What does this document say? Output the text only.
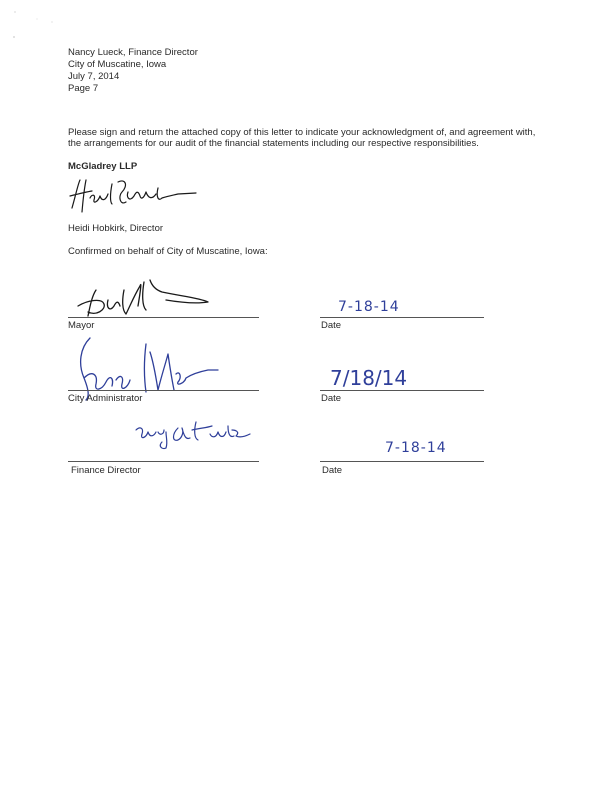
Nancy Lueck, Finance Director
City of Muscatine, Iowa
July 7, 2014
Page 7
Please sign and return the attached copy of this letter to indicate your acknowledgment of, and agreement with,
the arrangements for our audit of the financial statements including our respective responsibilities.
McGladrey LLP
Heidi Hobkirk, Director
Confirmed on behalf of City of Muscatine, Iowa:
Mayor
7-18-14
Date
City Administrator
7/18/14
Date
Finance Director
7-18-14
Date
